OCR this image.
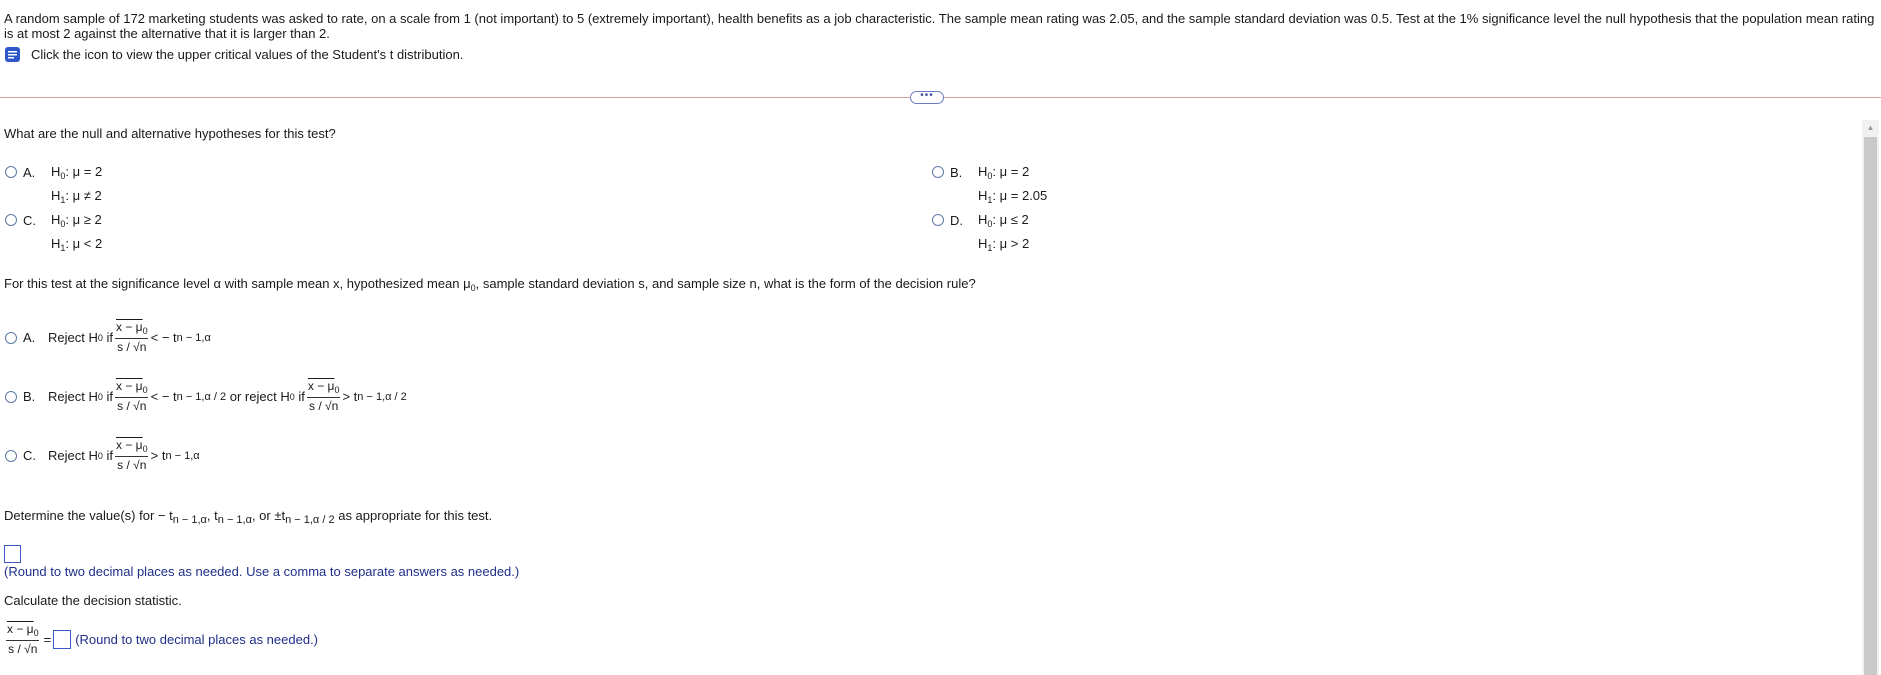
A random sample of 172 marketing students was asked to rate, on a scale from 1 (not important) to 5 (extremely important), health benefits as a job characteristic. The sample mean rating was 2.05, and the sample standard deviation was 0.5. Test at the 1% significance level the null hypothesis that the population mean rating
is at most 2 against the alternative that it is larger than 2.
Click the icon to view the upper critical values of the Student's t distribution.
•••
▲
What are the null and alternative hypotheses for this test?
A.	$H_0$: μ = 2
$H_1$: μ ≠ 2
B.	$H_0$: μ = 2
$H_1$: μ = 2.05
C.	$H_0$: μ ≥ 2
$H_1$: μ < 2
D.	$H_0$: μ ≤ 2
$H_1$: μ > 2
For this test at the significance level α with sample mean x, hypothesized mean $\mu_0$, sample standard deviation s, and sample size n, what is the form of the decision rule?
A. Reject H 0
if $\frac{x - \mu_0}{s / √n}$ < − t n − 1,α
B. Reject H 0
if $\frac{x - \mu_0}{s / √n}$ < − t n − 1,α / 2
or reject H 0
if $\frac{x - \mu_0}{s / √n} > t$ n − 1,α / 2
C. Reject H 0
if $\frac{x - \mu_0}{s / √n} > t$ n − 1,α
Determine the value(s) for − $t_{n - 1,\alpha}$, $t_{n - 1,\alpha}$, or $\pm t_{n - 1,\alpha / 2}$ as appropriate for this test.
(Round to two decimal places as needed. Use a comma to separate answers as needed.)
Calculate the decision statistic.
$\frac{x - \mu_0}{s / √n}$ = (Round to two decimal places as needed.)
